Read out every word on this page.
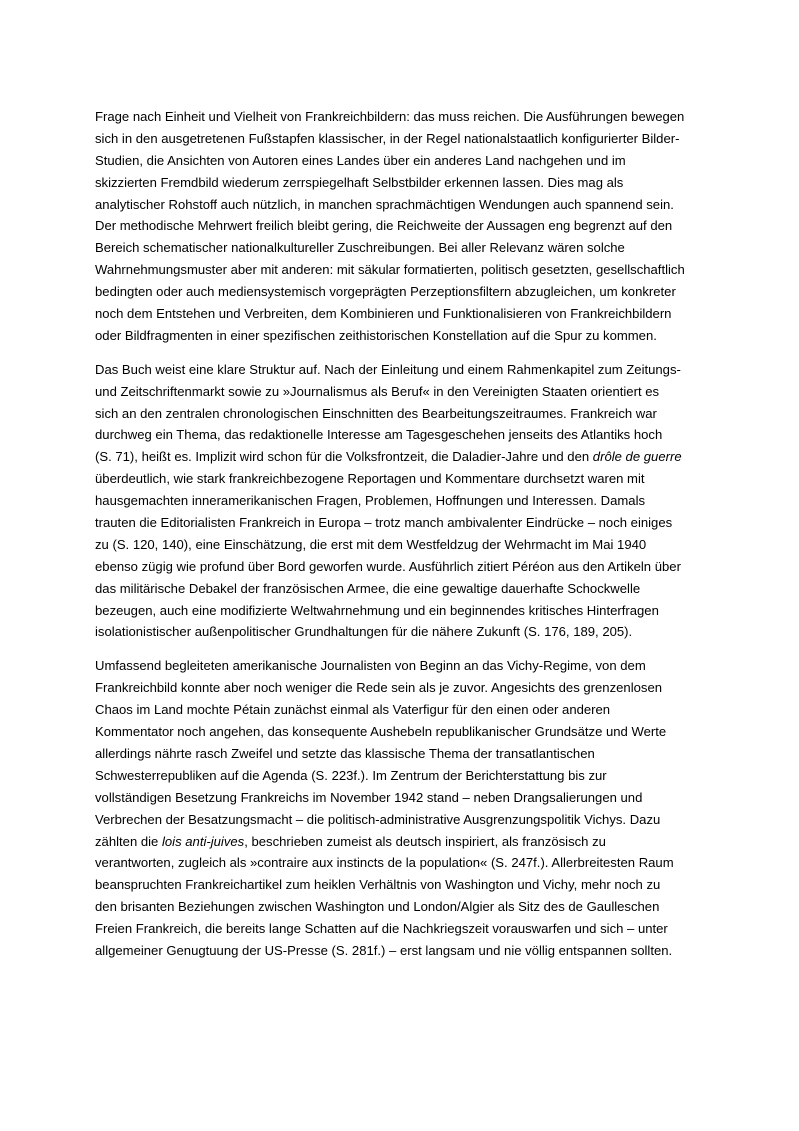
Frage nach Einheit und Vielheit von Frankreichbildern: das muss reichen. Die Ausführungen bewegen
sich in den ausgetretenen Fußstapfen klassischer, in der Regel nationalstaatlich konfigurierter Bilder-
Studien, die Ansichten von Autoren eines Landes über ein anderes Land nachgehen und im
skizzierten Fremdbild wiederum zerrspiegelhaft Selbstbilder erkennen lassen. Dies mag als
analytischer Rohstoff auch nützlich, in manchen sprachmächtigen Wendungen auch spannend sein.
Der methodische Mehrwert freilich bleibt gering, die Reichweite der Aussagen eng begrenzt auf den
Bereich schematischer nationalkultureller Zuschreibungen. Bei aller Relevanz wären solche
Wahrnehmungsmuster aber mit anderen: mit säkular formatierten, politisch gesetzten, gesellschaftlich
bedingten oder auch mediensystemisch vorgeprägten Perzeptionsfiltern abzugleichen, um konkreter
noch dem Entstehen und Verbreiten, dem Kombinieren und Funktionalisieren von Frankreichbildern
oder Bildfragmenten in einer spezifischen zeithistorischen Konstellation auf die Spur zu kommen.

Das Buch weist eine klare Struktur auf. Nach der Einleitung und einem Rahmenkapitel zum Zeitungs-
und Zeitschriftenmarkt sowie zu »Journalismus als Beruf« in den Vereinigten Staaten orientiert es
sich an den zentralen chronologischen Einschnitten des Bearbeitungszeitraumes. Frankreich war
durchweg ein Thema, das redaktionelle Interesse am Tagesgeschehen jenseits des Atlantiks hoch
(S. 71), heißt es. Implizit wird schon für die Volksfrontzeit, die Daladier-Jahre und den drôle de guerre
überdeutlich, wie stark frankreichbezogene Reportagen und Kommentare durchsetzt waren mit
hausgemachten inneramerikanischen Fragen, Problemen, Hoffnungen und Interessen. Damals
trauten die Editorialisten Frankreich in Europa – trotz manch ambivalenter Eindrücke – noch einiges
zu (S. 120, 140), eine Einschätzung, die erst mit dem Westfeldzug der Wehrmacht im Mai 1940
ebenso zügig wie profund über Bord geworfen wurde. Ausführlich zitiert Péréon aus den Artikeln über
das militärische Debakel der französischen Armee, die eine gewaltige dauerhafte Schockwelle
bezeugen, auch eine modifizierte Weltwahrnehmung und ein beginnendes kritisches Hinterfragen
isolationistischer außenpolitischer Grundhaltungen für die nähere Zukunft (S. 176, 189, 205).

Umfassend begleiteten amerikanische Journalisten von Beginn an das Vichy-Regime, von dem
Frankreichbild konnte aber noch weniger die Rede sein als je zuvor. Angesichts des grenzenlosen
Chaos im Land mochte Pétain zunächst einmal als Vaterfigur für den einen oder anderen
Kommentator noch angehen, das konsequente Aushebeln republikanischer Grundsätze und Werte
allerdings nährte rasch Zweifel und setzte das klassische Thema der transatlantischen
Schwesterrepubliken auf die Agenda (S. 223f.). Im Zentrum der Berichterstattung bis zur
vollständigen Besetzung Frankreichs im November 1942 stand – neben Drangsalierungen und
Verbrechen der Besatzungsmacht – die politisch-administrative Ausgrenzungspolitik Vichys. Dazu
zählten die lois anti-juives, beschrieben zumeist als deutsch inspiriert, als französisch zu
verantworten, zugleich als »contraire aux instincts de la population« (S. 247f.). Allerbreitesten Raum
beanspruchten Frankreichartikel zum heiklen Verhältnis von Washington und Vichy, mehr noch zu
den brisanten Beziehungen zwischen Washington und London/Algier als Sitz des de Gaulleschen
Freien Frankreich, die bereits lange Schatten auf die Nachkriegszeit vorauswarfen und sich – unter
allgemeiner Genugtuung der US-Presse (S. 281f.) – erst langsam und nie völlig entspannen sollten.
